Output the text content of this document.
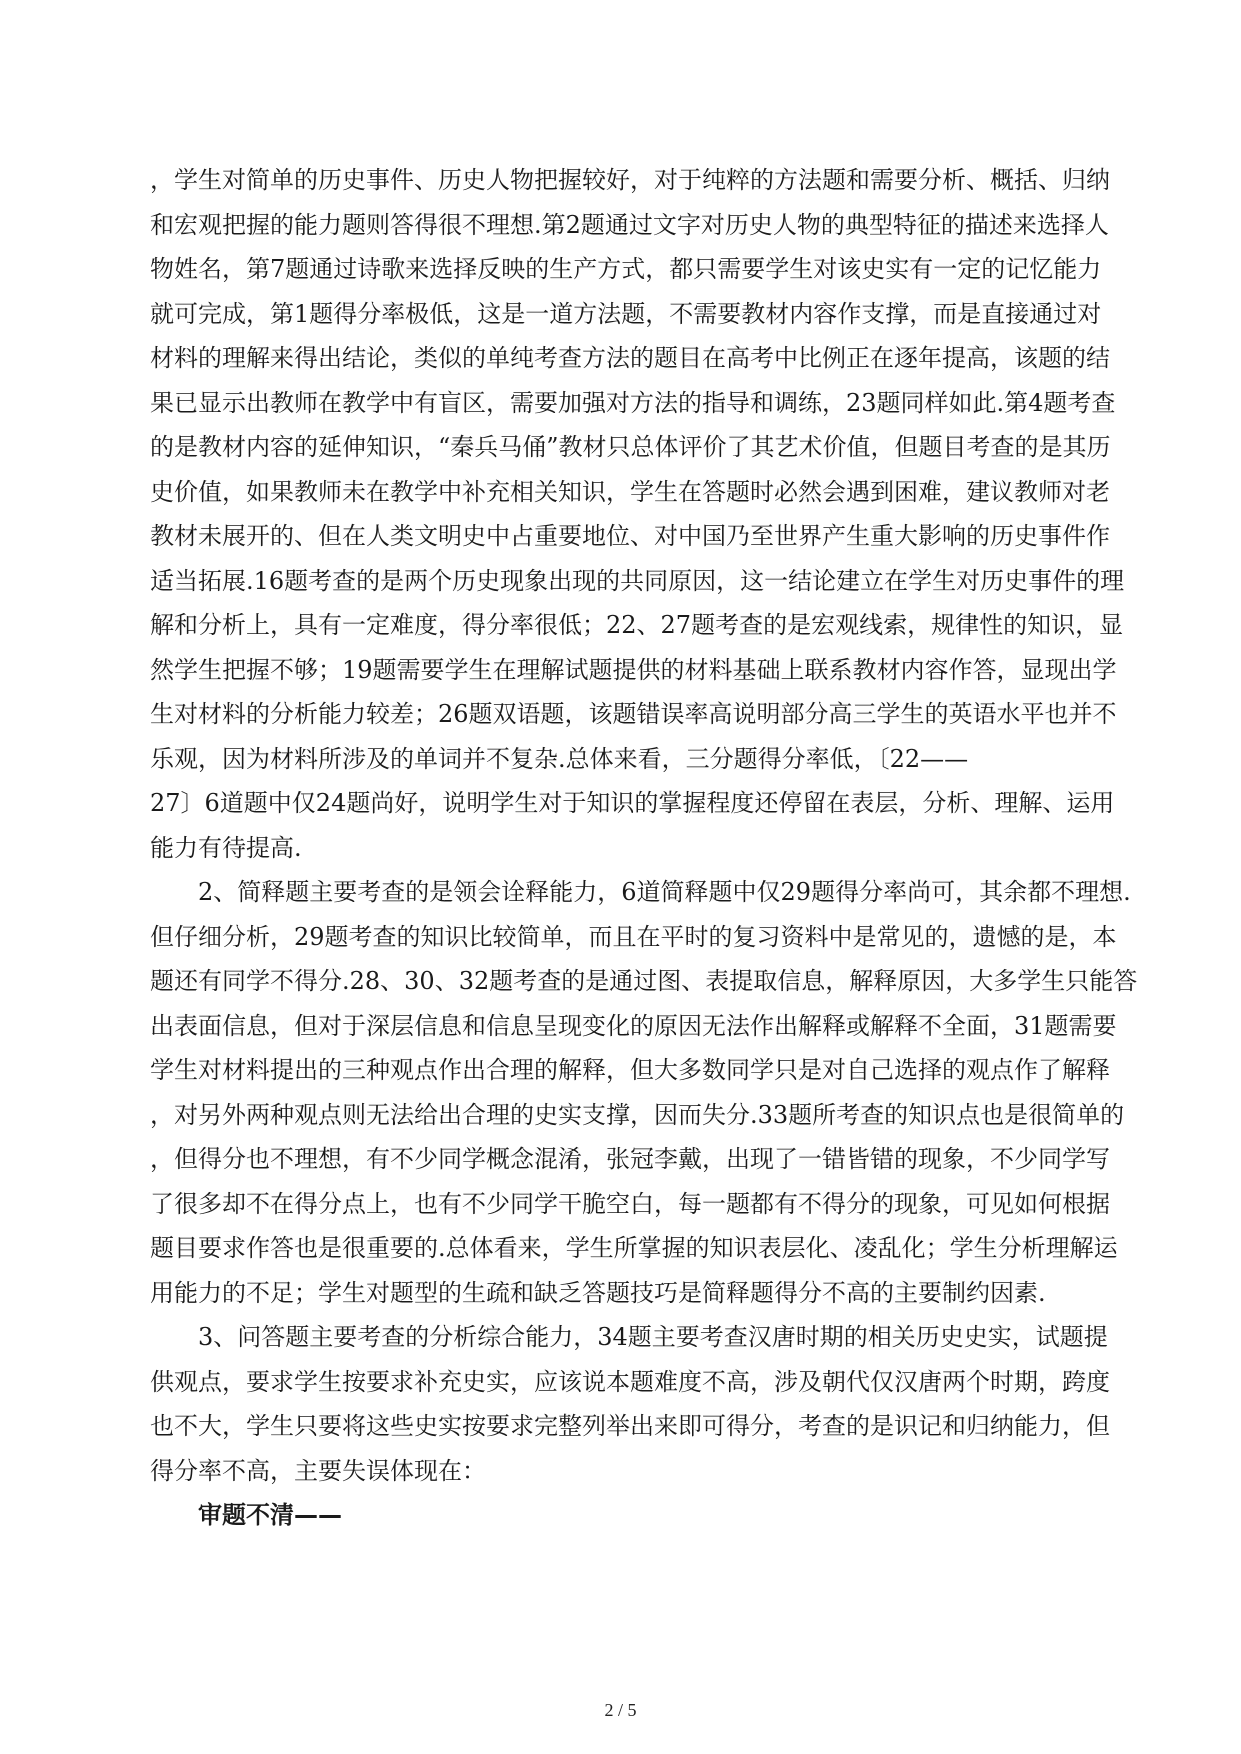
，学生对简单的历史事件、历史人物把握较好，对于纯粹的方法题和需要分析、概括、归纳

和宏观把握的能力题则答得很不理想.第2题通过文字对历史人物的典型特征的描述来选择人

物姓名，第7题通过诗歌来选择反映的生产方式，都只需要学生对该史实有一定的记忆能力

就可完成，第1题得分率极低，这是一道方法题，不需要教材内容作支撑，而是直接通过对

材料的理解来得出结论，类似的单纯考查方法的题目在高考中比例正在逐年提高，该题的结

果已显示出教师在教学中有盲区，需要加强对方法的指导和调练，23题同样如此.第4题考查

的是教材内容的延伸知识，“秦兵马俑”教材只总体评价了其艺术价值，但题目考查的是其历

史价值，如果教师未在教学中补充相关知识，学生在答题时必然会遇到困难，建议教师对老

教材未展开的、但在人类文明史中占重要地位、对中国乃至世界产生重大影响的历史事件作

适当拓展.16题考查的是两个历史现象出现的共同原因，这一结论建立在学生对历史事件的理

解和分析上，具有一定难度，得分率很低；22、27题考查的是宏观线索，规律性的知识，显

然学生把握不够；19题需要学生在理解试题提供的材料基础上联系教材内容作答，显现出学

生对材料的分析能力较差；26题双语题，该题错误率高说明部分高三学生的英语水平也并不

乐观，因为材料所涉及的单词并不复杂.总体来看，三分题得分率低，〔22——

27〕6道题中仅24题尚好，说明学生对于知识的掌握程度还停留在表层，分析、理解、运用

能力有待提高.

　　2、简释题主要考查的是领会诠释能力，6道简释题中仅29题得分率尚可，其余都不理想.

但仔细分析，29题考查的知识比较简单，而且在平时的复习资料中是常见的，遗憾的是，本

题还有同学不得分.28、30、32题考查的是通过图、表提取信息，解释原因，大多学生只能答

出表面信息，但对于深层信息和信息呈现变化的原因无法作出解释或解释不全面，31题需要

学生对材料提出的三种观点作出合理的解释，但大多数同学只是对自己选择的观点作了解释

，对另外两种观点则无法给出合理的史实支撑，因而失分.33题所考查的知识点也是很简单的

，但得分也不理想，有不少同学概念混淆，张冠李戴，出现了一错皆错的现象，不少同学写

了很多却不在得分点上，也有不少同学干脆空白，每一题都有不得分的现象，可见如何根据

题目要求作答也是很重要的.总体看来，学生所掌握的知识表层化、凌乱化；学生分析理解运

用能力的不足；学生对题型的生疏和缺乏答题技巧是简释题得分不高的主要制约因素.

　　3、问答题主要考查的分析综合能力，34题主要考查汉唐时期的相关历史史实，试题提

供观点，要求学生按要求补充史实，应该说本题难度不高，涉及朝代仅汉唐两个时期，跨度

也不大，学生只要将这些史实按要求完整列举出来即可得分，考查的是识记和归纳能力，但

得分率不高，主要失误体现在：

　　审题不清——

2 / 5
